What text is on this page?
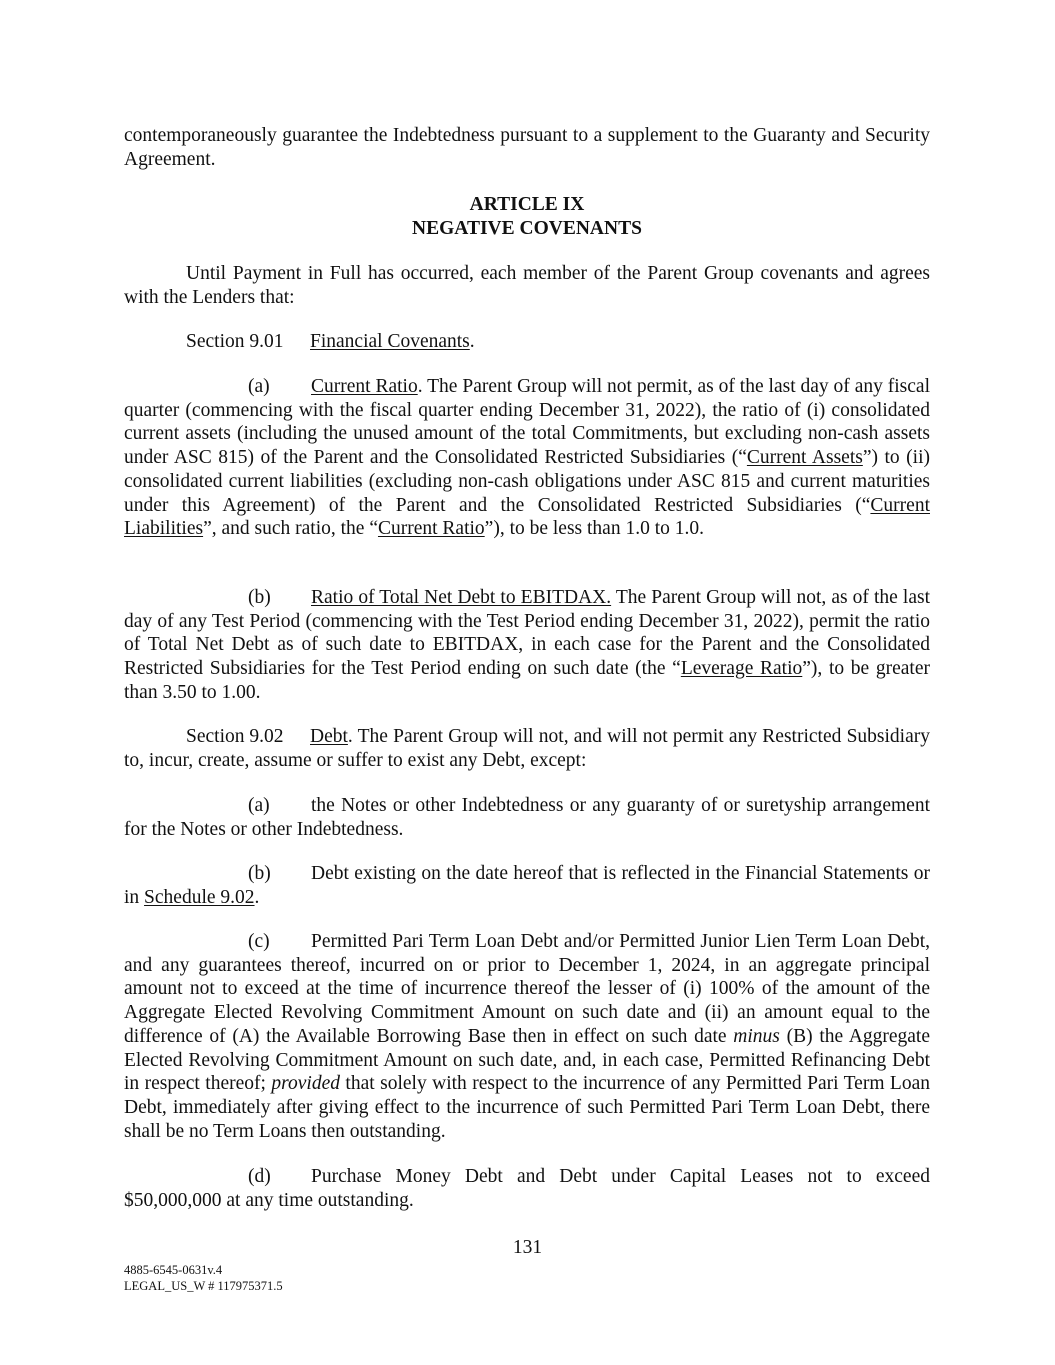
contemporaneously guarantee the Indebtedness pursuant to a supplement to the Guaranty and Security Agreement.

ARTICLE IX
NEGATIVE COVENANTS

Until Payment in Full has occurred, each member of the Parent Group covenants and agrees with the Lenders that:

Section 9.01 Financial Covenants.

(a) Current Ratio. The Parent Group will not permit, as of the last day of any fiscal quarter (commencing with the fiscal quarter ending December 31, 2022), the ratio of (i) consolidated current assets (including the unused amount of the total Commitments, but excluding non-cash assets under ASC 815) of the Parent and the Consolidated Restricted Subsidiaries (“Current Assets”) to (ii) consolidated current liabilities (excluding non-cash obligations under ASC 815 and current maturities under this Agreement) of the Parent and the Consolidated Restricted Subsidiaries (“Current Liabilities”, and such ratio, the “Current Ratio”), to be less than 1.0 to 1.0.

(b) Ratio of Total Net Debt to EBITDAX. The Parent Group will not, as of the last day of any Test Period (commencing with the Test Period ending December 31, 2022), permit the ratio of Total Net Debt as of such date to EBITDAX, in each case for the Parent and the Consolidated Restricted Subsidiaries for the Test Period ending on such date (the “Leverage Ratio”), to be greater than 3.50 to 1.00.

Section 9.02 Debt. The Parent Group will not, and will not permit any Restricted Subsidiary to, incur, create, assume or suffer to exist any Debt, except:

(a) the Notes or other Indebtedness or any guaranty of or suretyship arrangement for the Notes or other Indebtedness.

(b) Debt existing on the date hereof that is reflected in the Financial Statements or in Schedule 9.02.

(c) Permitted Pari Term Loan Debt and/or Permitted Junior Lien Term Loan Debt, and any guarantees thereof, incurred on or prior to December 1, 2024, in an aggregate principal amount not to exceed at the time of incurrence thereof the lesser of (i) 100% of the amount of the Aggregate Elected Revolving Commitment Amount on such date and (ii) an amount equal to the difference of (A) the Available Borrowing Base then in effect on such date minus (B) the Aggregate Elected Revolving Commitment Amount on such date, and, in each case, Permitted Refinancing Debt in respect thereof; provided that solely with respect to the incurrence of any Permitted Pari Term Loan Debt, immediately after giving effect to the incurrence of such Permitted Pari Term Loan Debt, there shall be no Term Loans then outstanding.

(d) Purchase Money Debt and Debt under Capital Leases not to exceed $50,000,000 at any time outstanding.

131
4885-6545-0631v.4
LEGAL_US_W # 117975371.5
